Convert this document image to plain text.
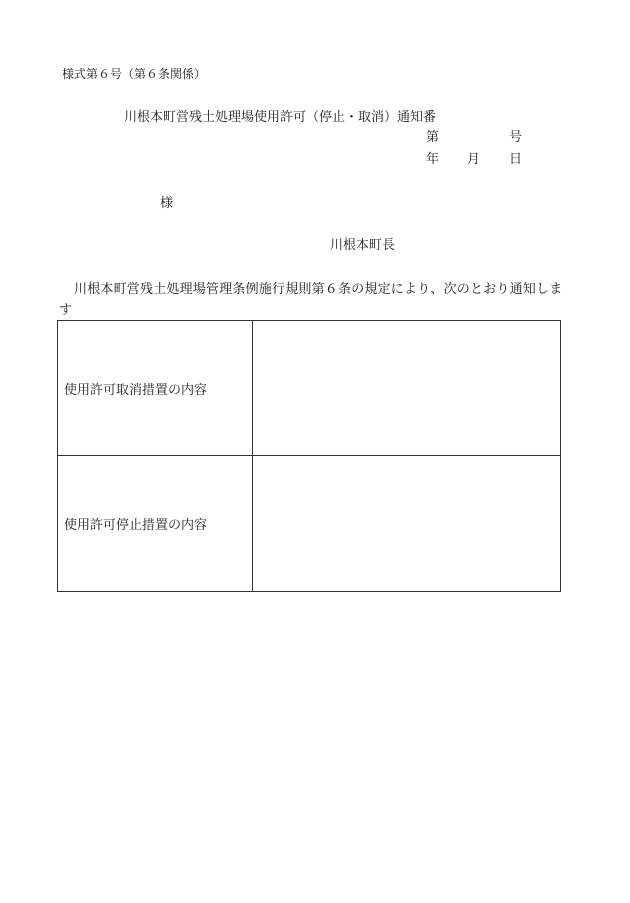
様式第６号（第６条関係）
川根本町営残土処理場使用許可（停止・取消）通知番
第	号
年 月 日
様
川根本町長
川根本町営残土処理場管理条例施行規則第６条の規定により、次のとおり通知します
使用許可取消措置の内容	
使用許可停止措置の内容	
